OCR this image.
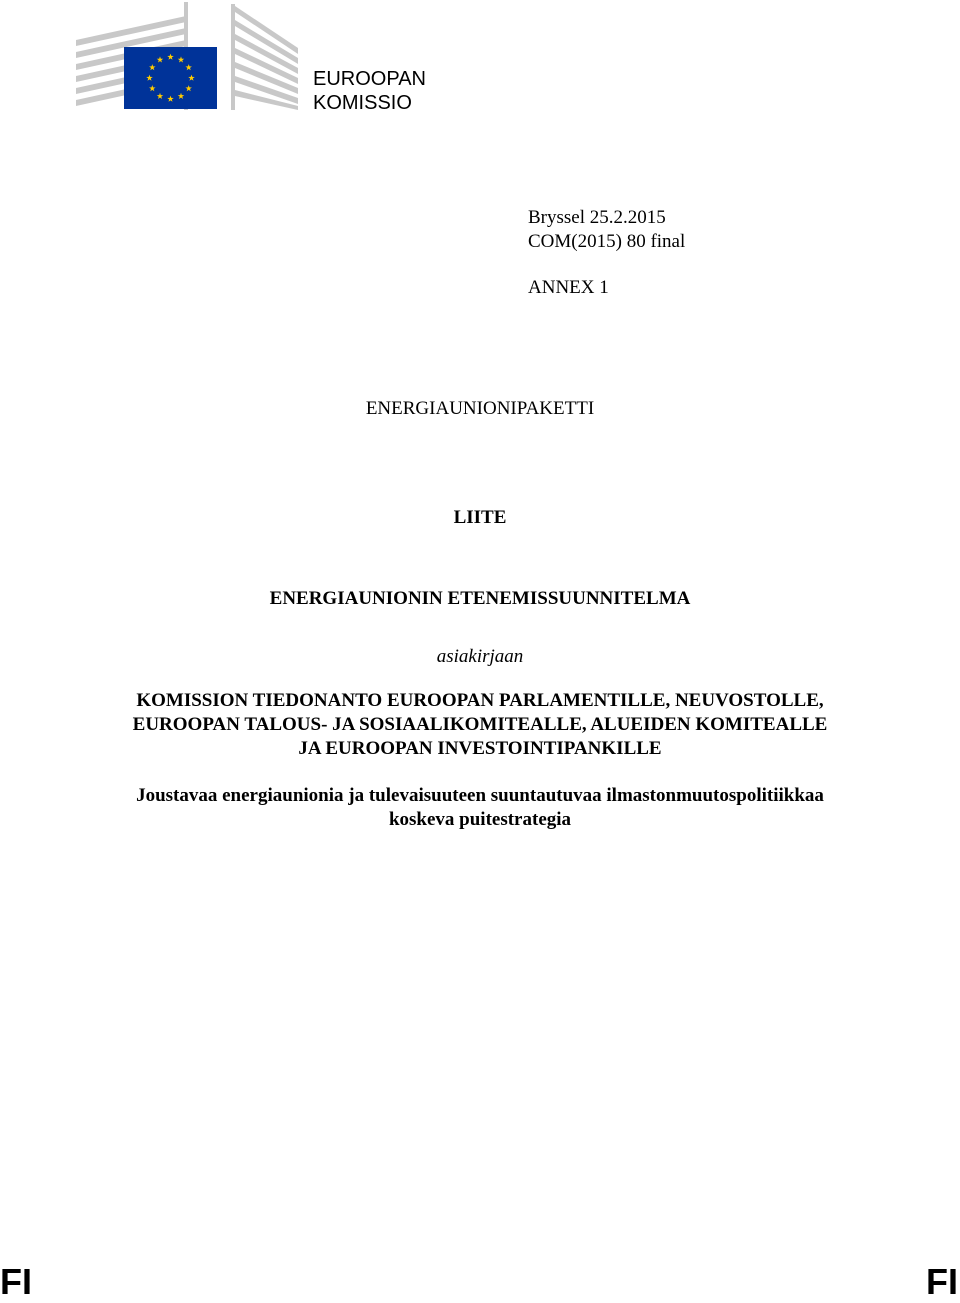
EUROOPAN
KOMISSIO
Bryssel 25.2.2015
COM(2015) 80 final
ANNEX 1
ENERGIAUNIONIPAKETTI
LIITE
ENERGIAUNIONIN ETENEMISSUUNNITELMA
asiakirjaan
KOMISSION TIEDONANTO EUROOPAN PARLAMENTILLE, NEUVOSTOLLE,
EUROOPAN TALOUS- JA SOSIAALIKOMITEALLE, ALUEIDEN KOMITEALLE
JA EUROOPAN INVESTOINTIPANKILLE
Joustavaa energiaunionia ja tulevaisuuteen suuntautuvaa ilmastonmuutospolitiikkaa
koskeva puitestrategia
FI	FI
